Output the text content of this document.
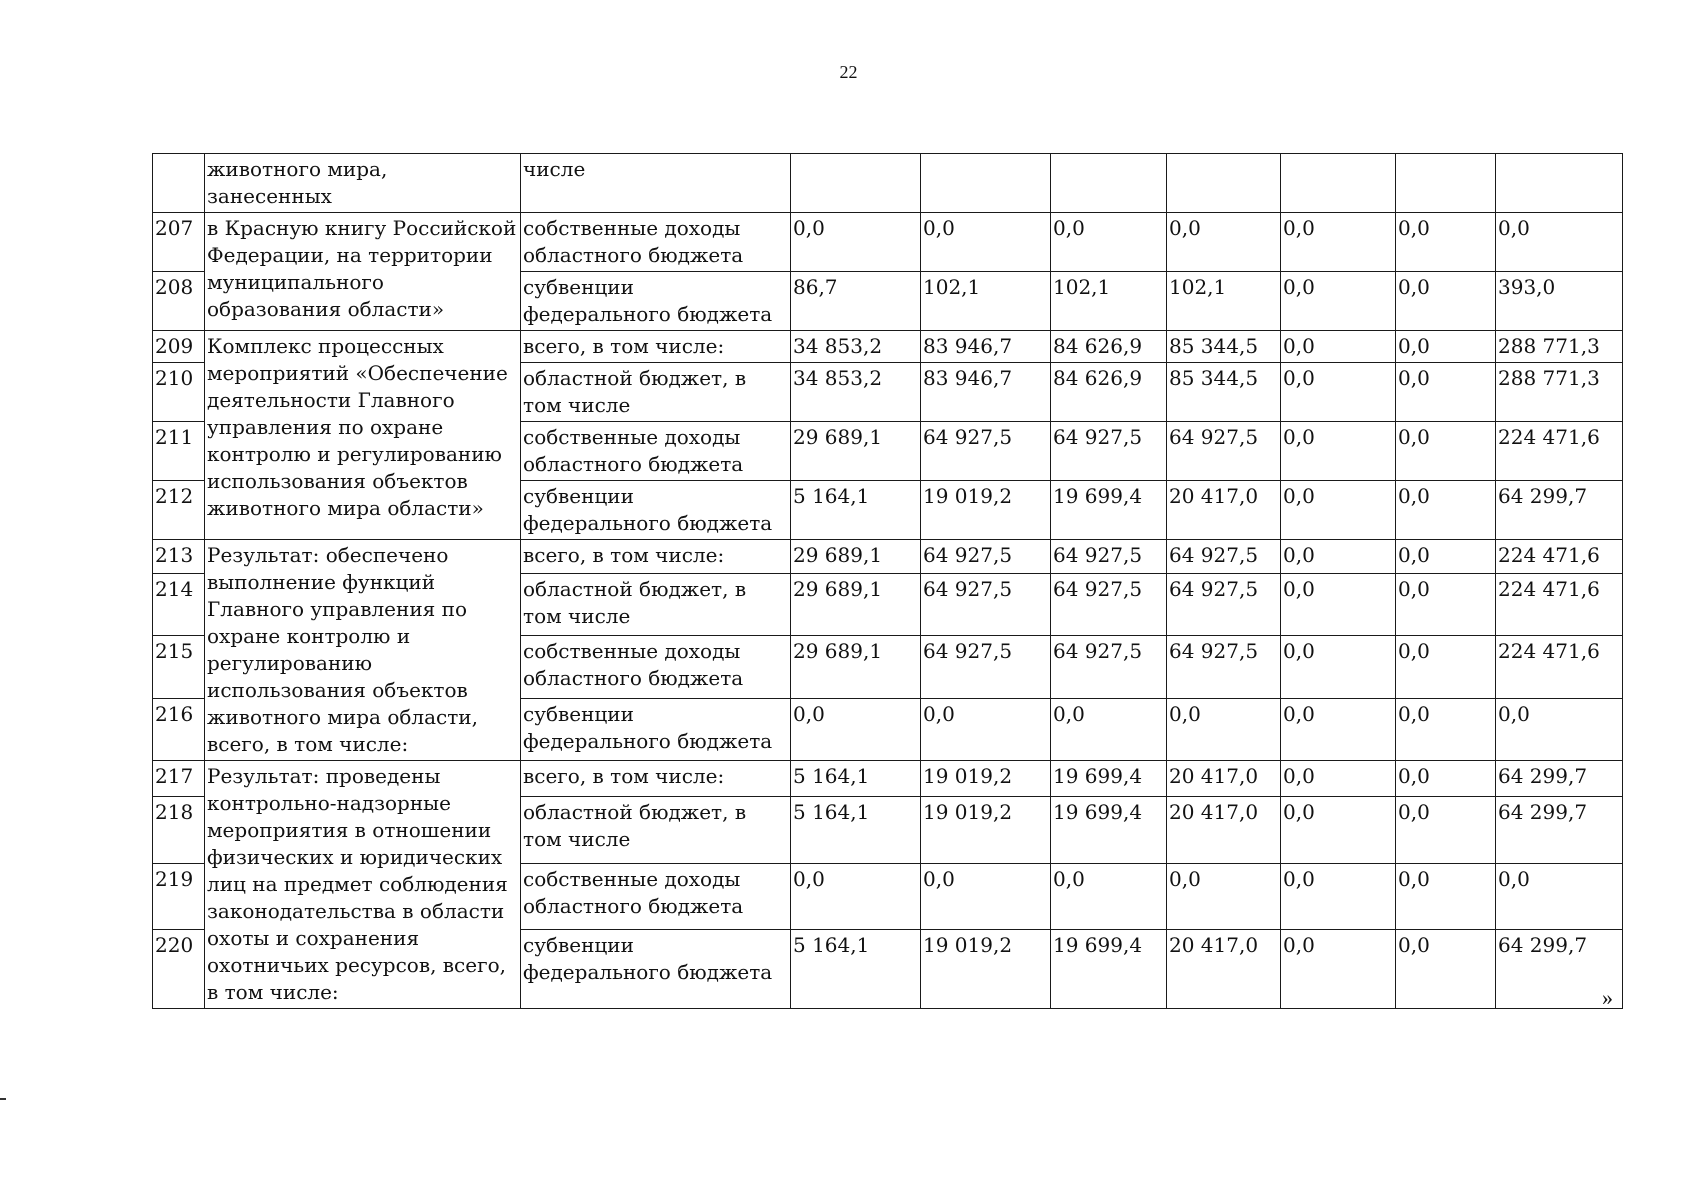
22
	животного мира, занесенных	числе							
207	в Красную книгу Российской Федерации, на территории муниципального образования области»	собственные доходы областного бюджета	0,0	0,0	0,0	0,0	0,0	0,0	0,0
208		субвенции федерального бюджета	86,7	102,1	102,1	102,1	0,0	0,0	393,0
209	Комплекс процессных мероприятий «Обеспечение деятельности Главного управления по охране контролю и регулированию использования объектов животного мира области»	всего, в том числе:	34 853,2	83 946,7	84 626,9	85 344,5	0,0	0,0	288 771,3
210		областной бюджет, в том числе	34 853,2	83 946,7	84 626,9	85 344,5	0,0	0,0	288 771,3
211		собственные доходы областного бюджета	29 689,1	64 927,5	64 927,5	64 927,5	0,0	0,0	224 471,6
212		субвенции федерального бюджета	5 164,1	19 019,2	19 699,4	20 417,0	0,0	0,0	64 299,7
213	Результат: обеспечено выполнение функций Главного управления по охране контролю и регулированию использования объектов животного мира области, всего, в том числе:	всего, в том числе:	29 689,1	64 927,5	64 927,5	64 927,5	0,0	0,0	224 471,6
214		областной бюджет, в том числе	29 689,1	64 927,5	64 927,5	64 927,5	0,0	0,0	224 471,6
215		собственные доходы областного бюджета	29 689,1	64 927,5	64 927,5	64 927,5	0,0	0,0	224 471,6
216		субвенции федерального бюджета	0,0	0,0	0,0	0,0	0,0	0,0	0,0
217	Результат: проведены контрольно-надзорные мероприятия в отношении физических и юридических лиц на предмет соблюдения законодательства в области охоты и сохранения охотничьих ресурсов, всего, в том числе:	всего, в том числе:	5 164,1	19 019,2	19 699,4	20 417,0	0,0	0,0	64 299,7
218		областной бюджет, в том числе	5 164,1	19 019,2	19 699,4	20 417,0	0,0	0,0	64 299,7
219		собственные доходы областного бюджета	0,0	0,0	0,0	0,0	0,0	0,0	0,0
220		субвенции федерального бюджета	5 164,1	19 019,2	19 699,4	20 417,0	0,0	0,0	64 299,7
»
